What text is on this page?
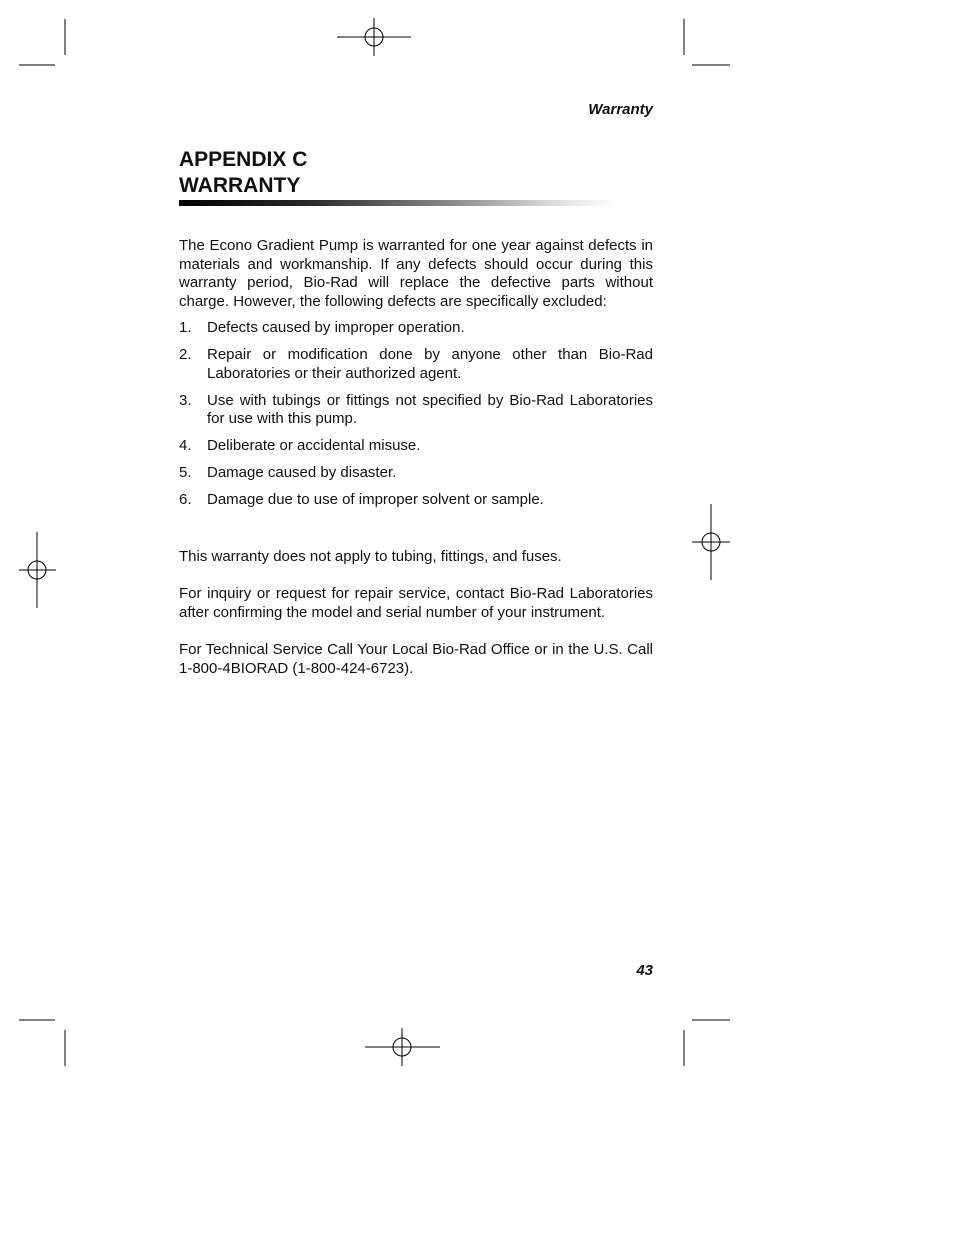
Warranty
APPENDIX C
WARRANTY

The Econo Gradient Pump is warranted for one year against defects in materials and workmanship. If any defects should occur during this warranty period, Bio-Rad will replace the defective parts without charge. However, the following defects are specifically excluded:

1. Defects caused by improper operation.
2. Repair or modification done by anyone other than Bio-Rad Laboratories or their authorized agent.
3. Use with tubings or fittings not specified by Bio-Rad Laboratories for use with this pump.
4. Deliberate or accidental misuse.
5. Damage caused by disaster.
6. Damage due to use of improper solvent or sample.

This warranty does not apply to tubing, fittings, and fuses.

For inquiry or request for repair service, contact Bio-Rad Laboratories after confirming the model and serial number of your instrument.

For Technical Service Call Your Local Bio-Rad Office or in the U.S. Call 1-800-4BIORAD (1-800-424-6723).

43
